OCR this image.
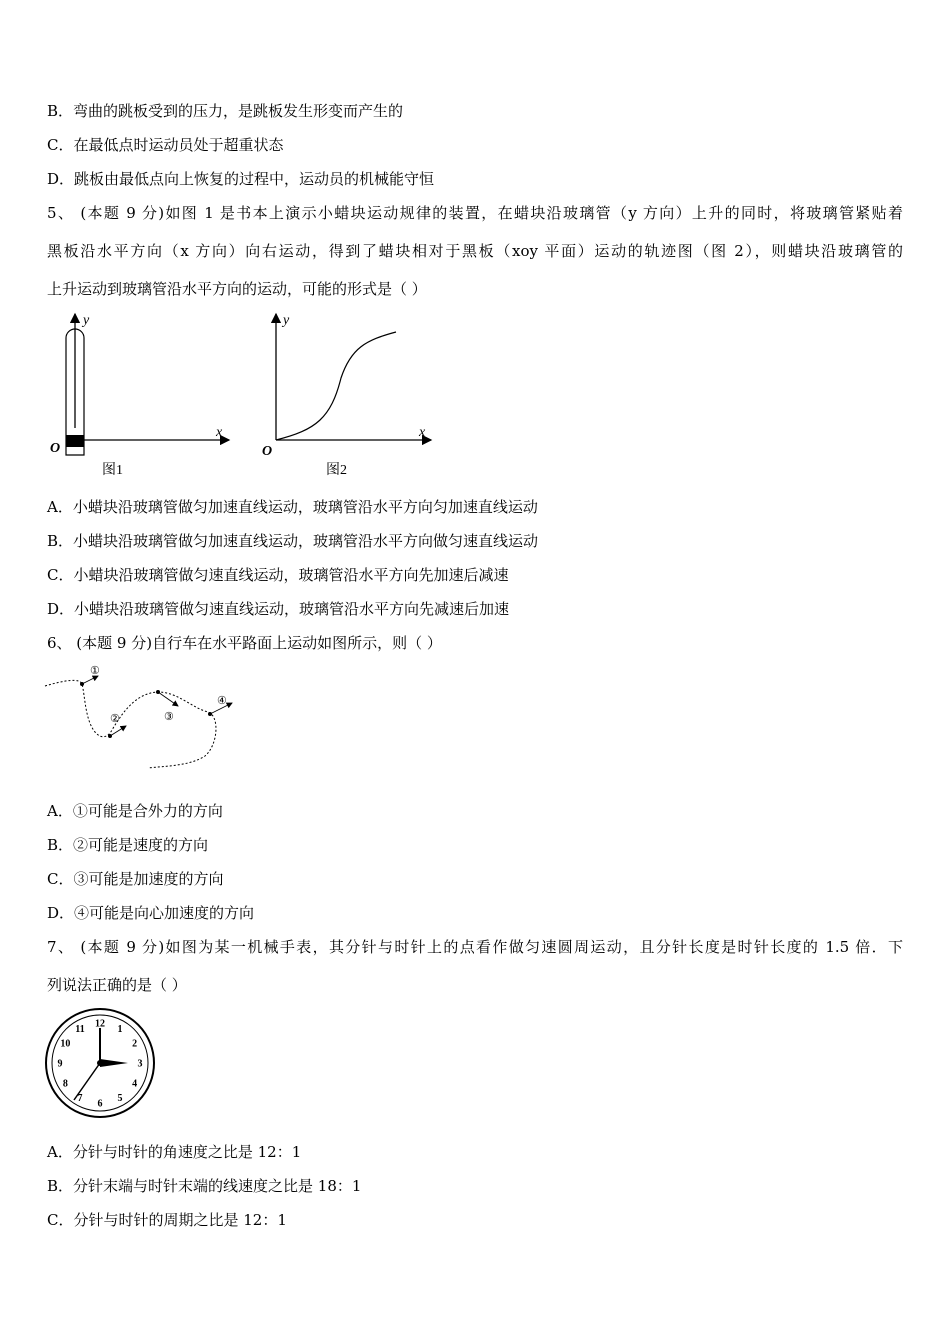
B．弯曲的跳板受到的压力，是跳板发生形变而产生的
C．在最低点时运动员处于超重状态
D．跳板由最低点向上恢复的过程中，运动员的机械能守恒
5、 (本题 9 分)如图 1 是书本上演示小蜡块运动规律的装置，在蜡块沿玻璃管（y 方向）上升的同时，将玻璃管紧贴着
黑板沿水平方向（x 方向）向右运动，得到了蜡块相对于黑板（xoy 平面）运动的轨迹图（图 2），则蜡块沿玻璃管的
上升运动到玻璃管沿水平方向的运动，可能的形式是（ ）
y
x
O
图1
y
x
O
图2
A．小蜡块沿玻璃管做匀加速直线运动，玻璃管沿水平方向匀加速直线运动
B．小蜡块沿玻璃管做匀加速直线运动，玻璃管沿水平方向做匀速直线运动
C．小蜡块沿玻璃管做匀速直线运动，玻璃管沿水平方向先加速后减速
D．小蜡块沿玻璃管做匀速直线运动，玻璃管沿水平方向先减速后加速
6、 (本题 9 分)自行车在水平路面上运动如图所示，则（ ）
①
②	③
④
A．①可能是合外力的方向
B．②可能是速度的方向
C．③可能是加速度的方向
D．④可能是向心加速度的方向
7、 (本题 9 分)如图为某一机械手表，其分针与时针上的点看作做匀速圆周运动，且分针长度是时针长度的 1.5 倍．下
列说法正确的是（ ）
12 1
2
3
4
5
6
7
8
9
10
11
A．分针与时针的角速度之比是 12：1
B．分针末端与时针末端的线速度之比是 18：1
C．分针与时针的周期之比是 12：1
